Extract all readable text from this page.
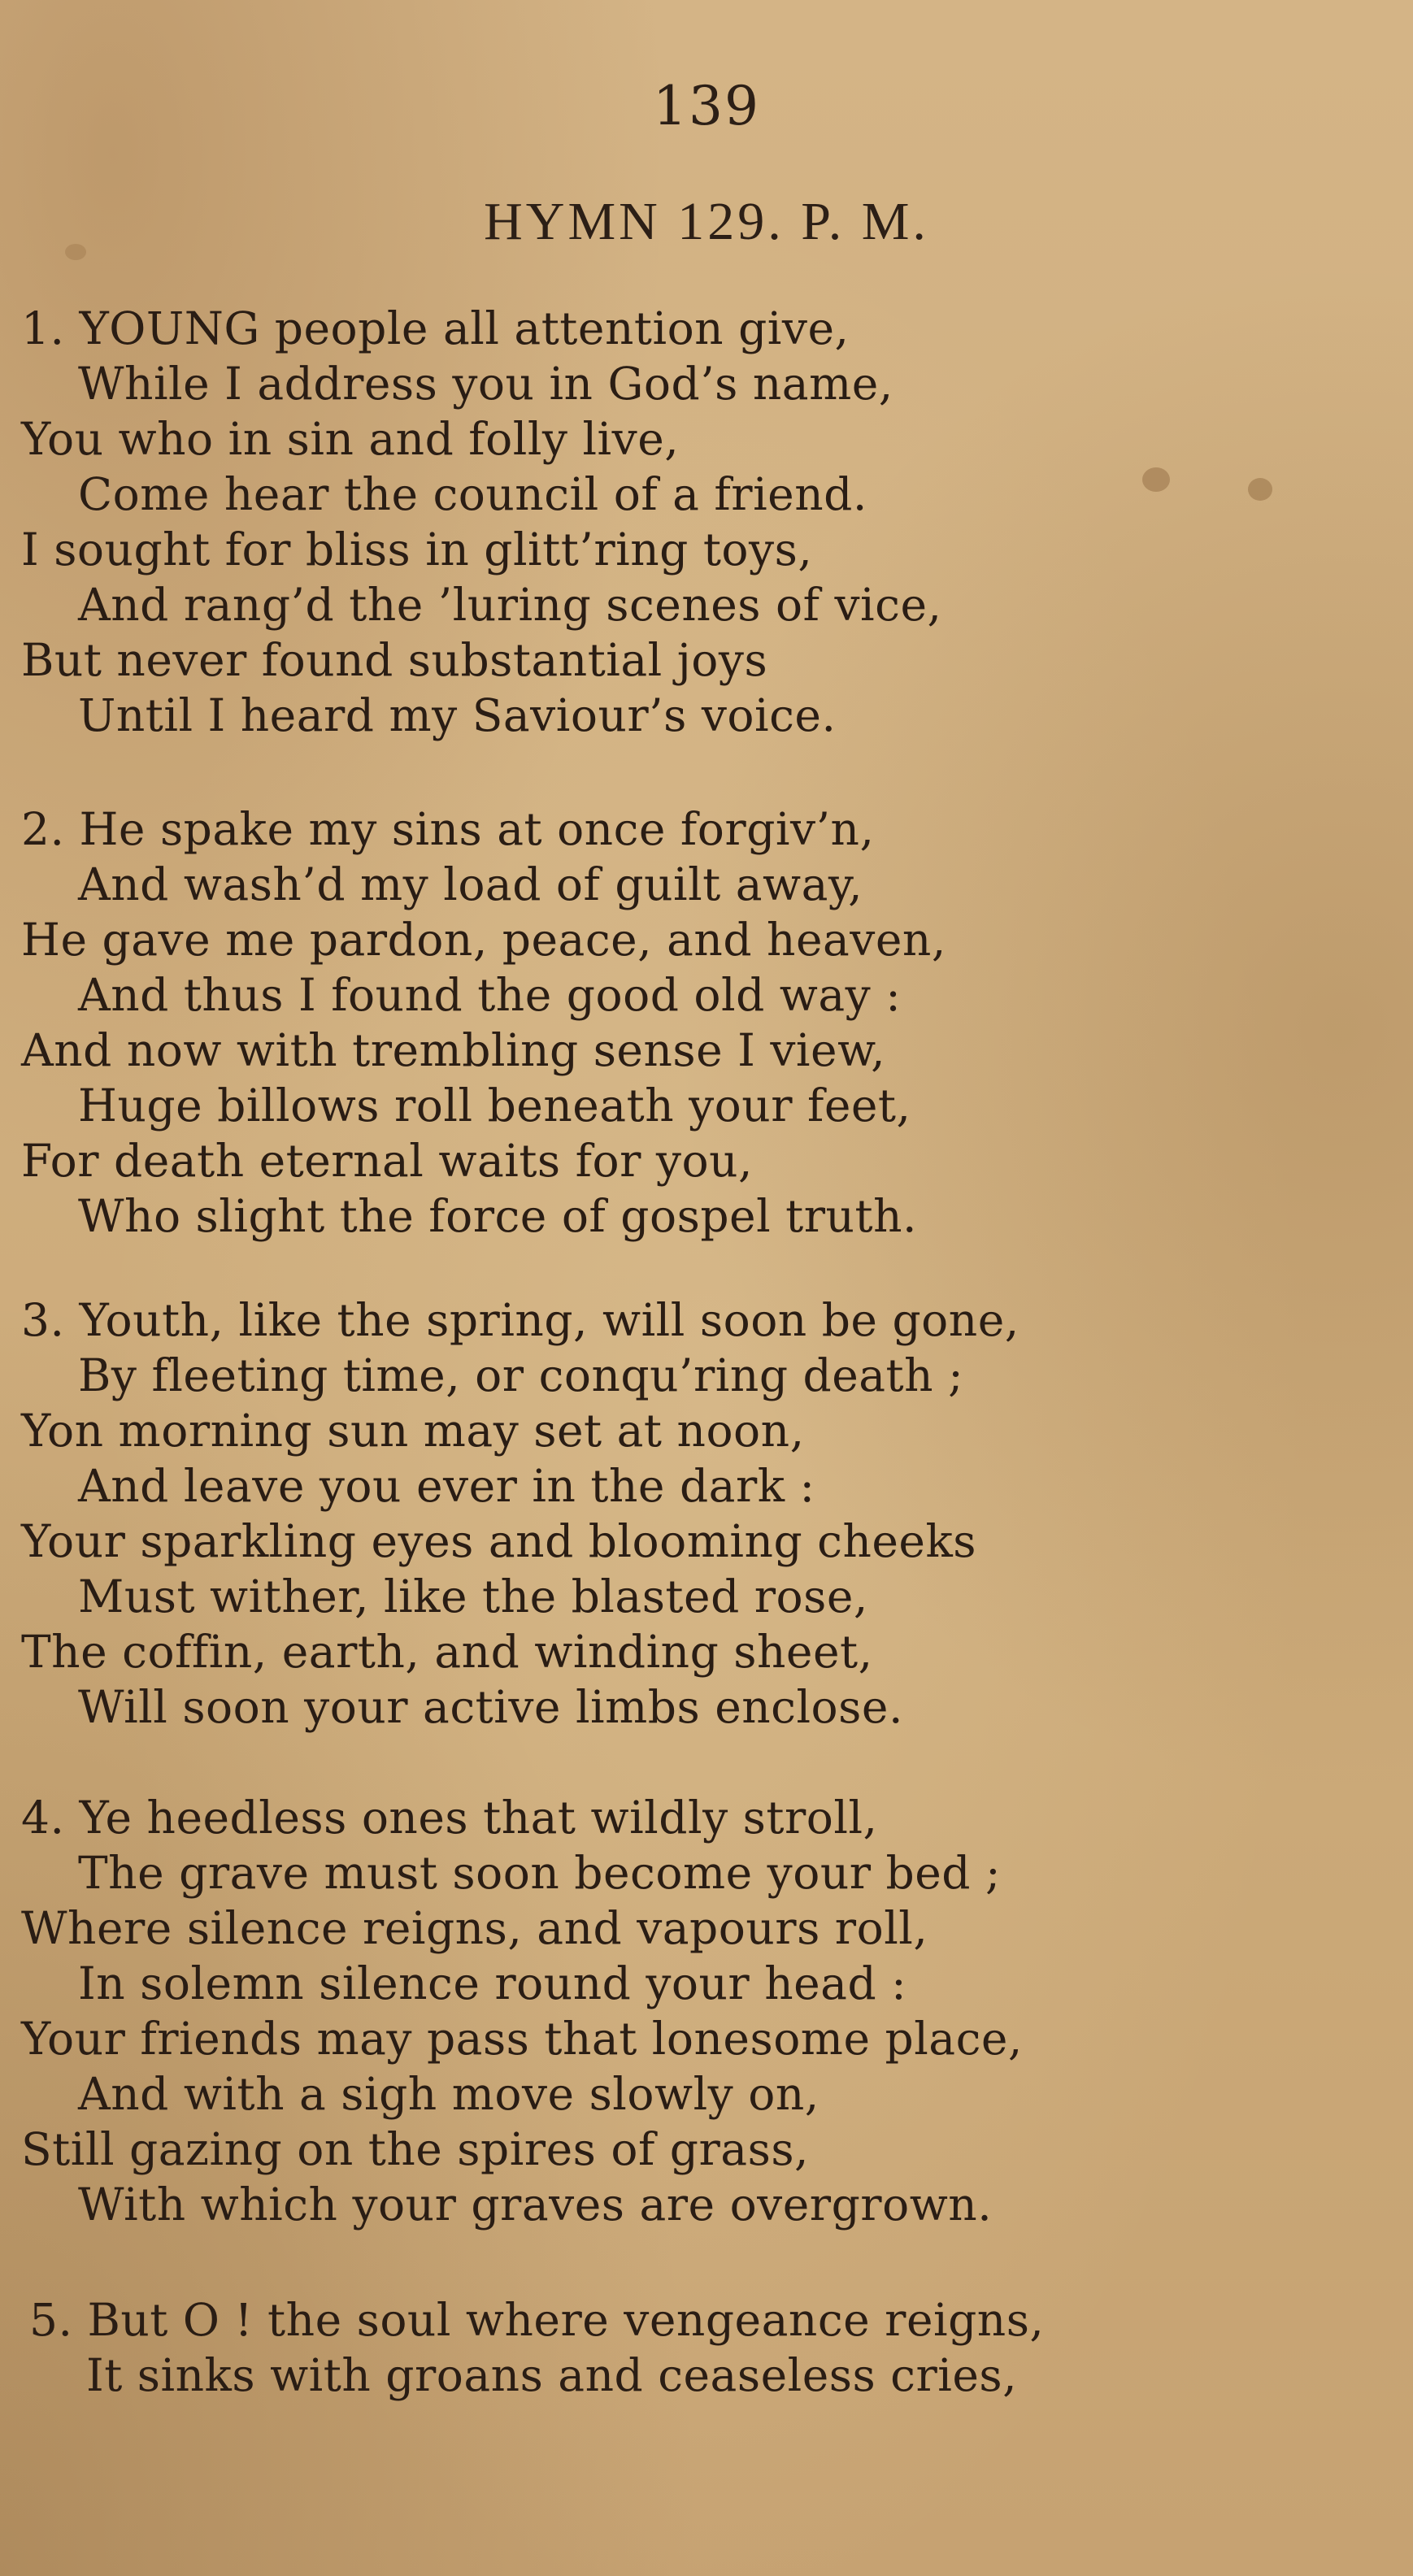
139
HYMN 129. P. M.
1. YOUNG people all attention give,
While I address you in God’s name,
You who in sin and folly live,
Come hear the council of a friend.
I sought for bliss in glitt’ring toys,
And rang’d the ’luring scenes of vice,
But never found substantial joys
Until I heard my Saviour’s voice.
2. He spake my sins at once forgiv’n,
And wash’d my load of guilt away,
He gave me pardon, peace, and heaven,
And thus I found the good old way :
And now with trembling sense I view,
Huge billows roll beneath your feet,
For death eternal waits for you,
Who slight the force of gospel truth.
3. Youth, like the spring, will soon be gone,
By fleeting time, or conqu’ring death ;
Yon morning sun may set at noon,
And leave you ever in the dark :
Your sparkling eyes and blooming cheeks
Must wither, like the blasted rose,
The coffin, earth, and winding sheet,
Will soon your active limbs enclose.
4. Ye heedless ones that wildly stroll,
The grave must soon become your bed ;
Where silence reigns, and vapours roll,
In solemn silence round your head :
Your friends may pass that lonesome place,
And with a sigh move slowly on,
Still gazing on the spires of grass,
With which your graves are overgrown.
5. But O ! the soul where vengeance reigns,
It sinks with groans and ceaseless cries,
